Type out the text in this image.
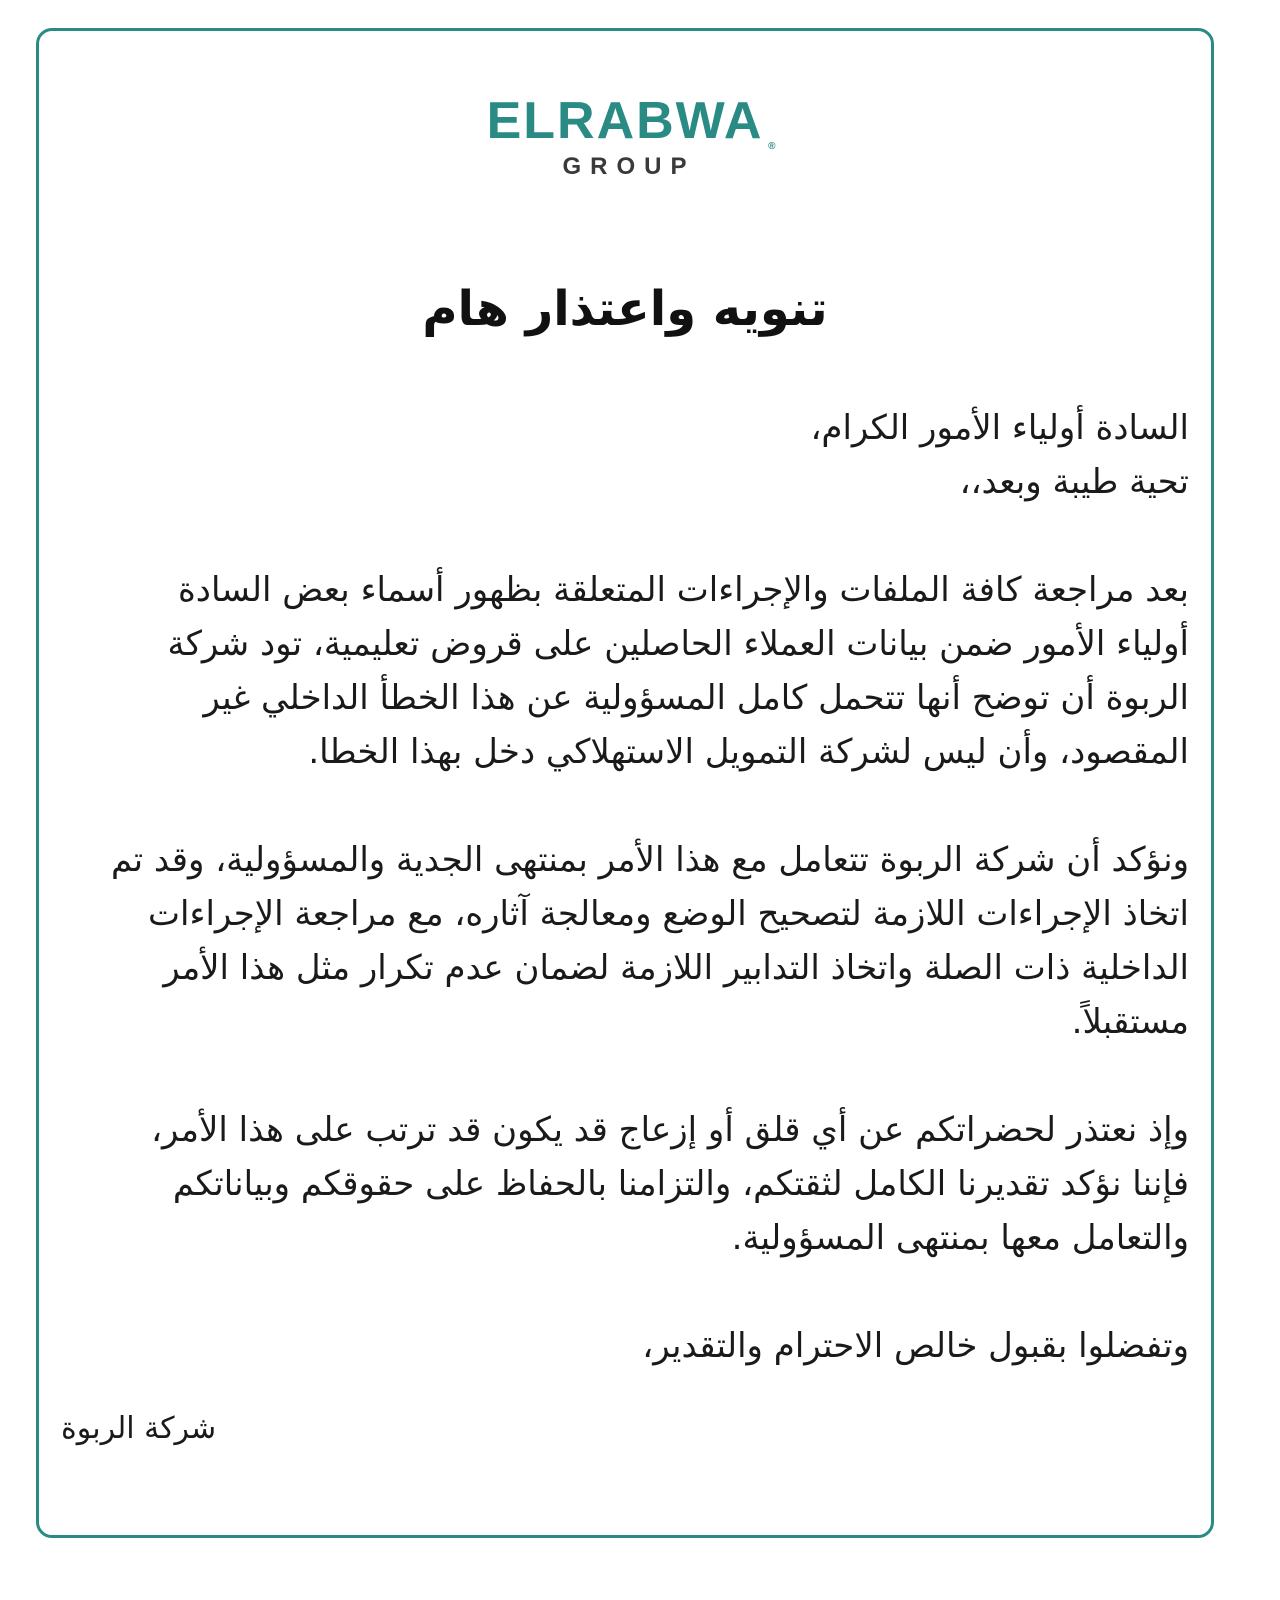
ELRABWA ®
GROUP
تنويه واعتذار هام

السادة أولياء الأمور الكرام،

تحية طيبة وبعد،،

بعد مراجعة كافة الملفات والإجراءات المتعلقة بظهور أسماء بعض السادة أولياء الأمور ضمن بيانات العملاء الحاصلين على قروض تعليمية، تود شركة الربوة أن توضح أنها تتحمل كامل المسؤولية عن هذا الخطأ الداخلي غير المقصود، وأن ليس لشركة التمويل الاستهلاكي دخل بهذا الخطا.

ونؤكد أن شركة الربوة تتعامل مع هذا الأمر بمنتهى الجدية والمسؤولية، وقد تم اتخاذ الإجراءات اللازمة لتصحيح الوضع ومعالجة آثاره، مع مراجعة الإجراءات الداخلية ذات الصلة واتخاذ التدابير اللازمة لضمان عدم تكرار مثل هذا الأمر مستقبلاً.

وإذ نعتذر لحضراتكم عن أي قلق أو إزعاج قد يكون قد ترتب على هذا الأمر، فإننا نؤكد تقديرنا الكامل لثقتكم، والتزامنا بالحفاظ على حقوقكم وبياناتكم والتعامل معها بمنتهى المسؤولية.

وتفضلوا بقبول خالص الاحترام والتقدير،

شركة الربوة
